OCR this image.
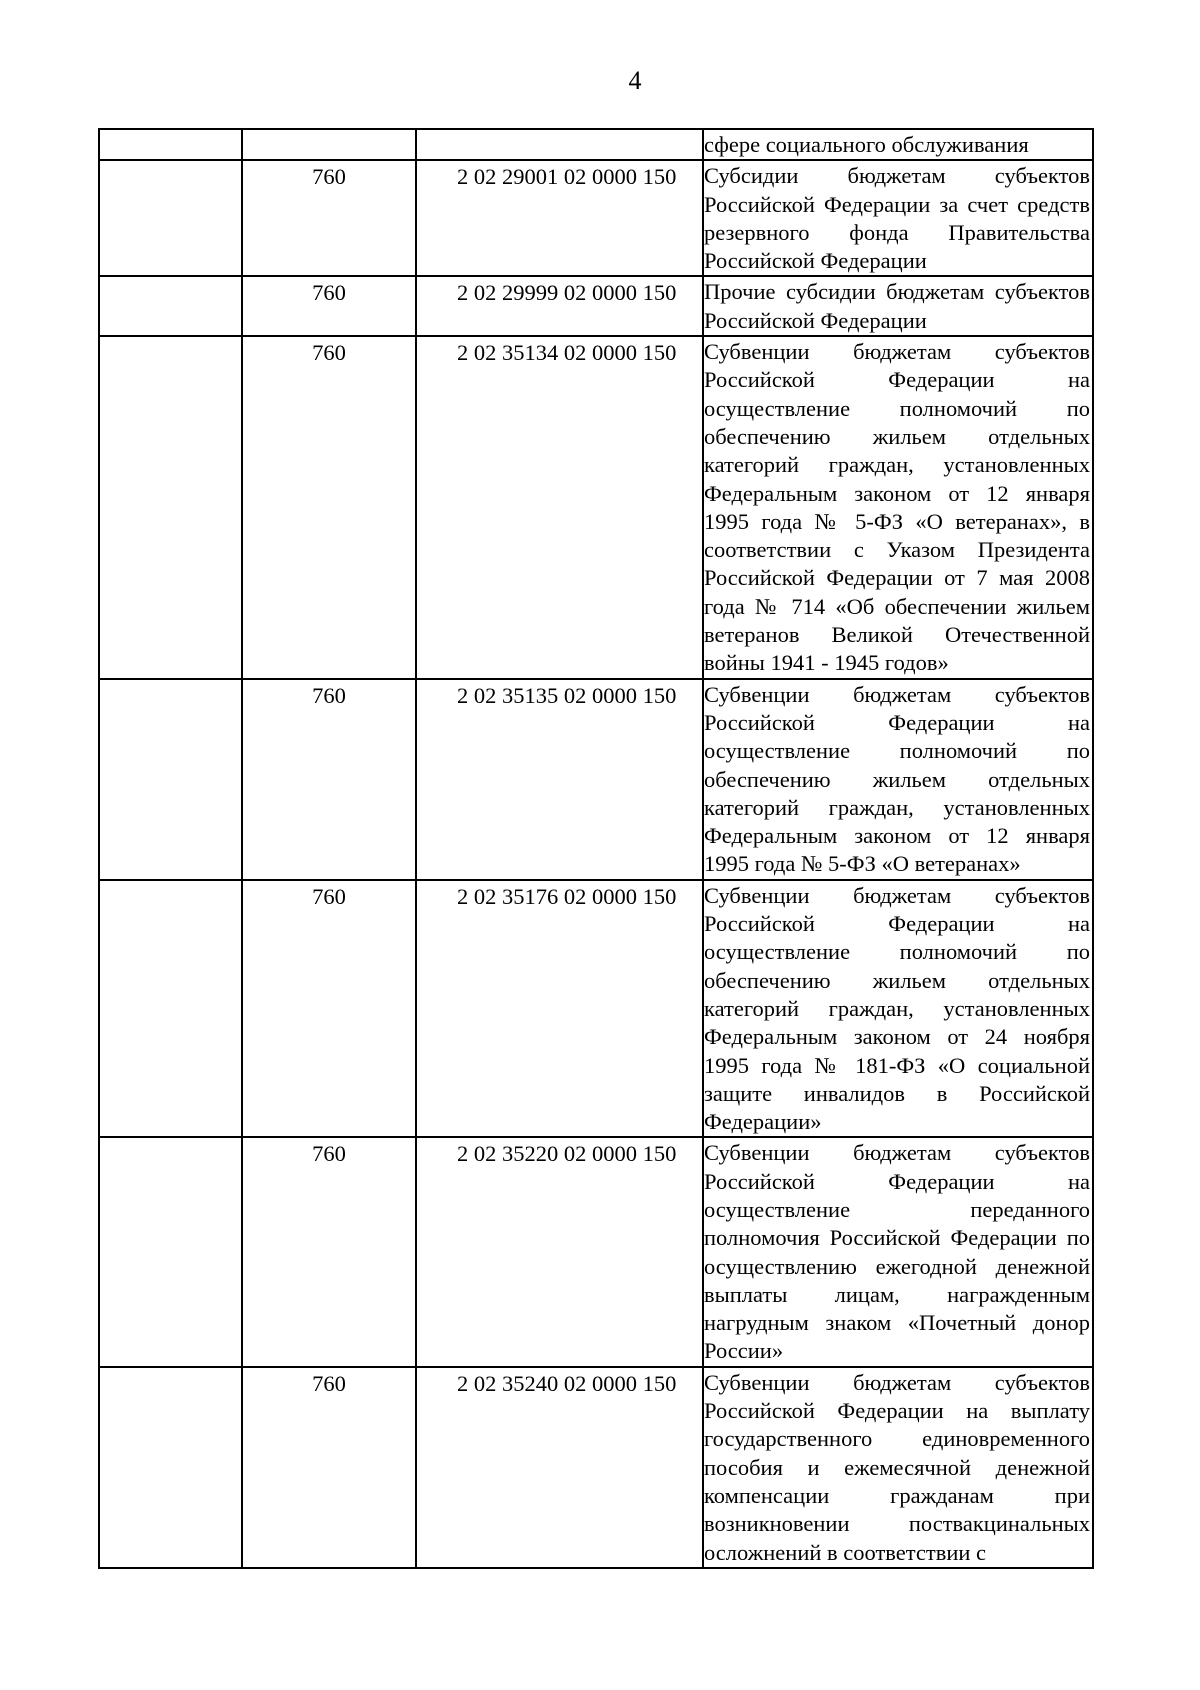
4
			сфере социального обслуживания
	760	2 02 29001 02 0000 150	Субсидии бюджетам субъектов Российской Федерации за счет средств резервного фонда Правительства Российской Федерации
	760	2 02 29999 02 0000 150	Прочие субсидии бюджетам субъектов Российской Федерации
	760	2 02 35134 02 0000 150	Субвенции бюджетам субъектов Российской Федерации на осуществление полномочий по обеспечению жильем отдельных категорий граждан, установленных Федеральным законом от 12 января 1995 года № 5-ФЗ «О ветеранах», в соответствии с Указом Президента Российской Федерации от 7 мая 2008 года № 714 «Об обеспечении жильем ветеранов Великой Отечественной войны 1941 - 1945 годов»
	760	2 02 35135 02 0000 150	Субвенции бюджетам субъектов Российской Федерации на осуществление полномочий по обеспечению жильем отдельных категорий граждан, установленных Федеральным законом от 12 января 1995 года № 5-ФЗ «О ветеранах»
	760	2 02 35176 02 0000 150	Субвенции бюджетам субъектов Российской Федерации на осуществление полномочий по обеспечению жильем отдельных категорий граждан, установленных Федеральным законом от 24 ноября 1995 года № 181-ФЗ «О социальной защите инвалидов в Российской Федерации»
	760	2 02 35220 02 0000 150	Субвенции бюджетам субъектов Российской Федерации на осуществление переданного полномочия Российской Федерации по осуществлению ежегодной денежной выплаты лицам, награжденным нагрудным знаком «Почетный донор России»
	760	2 02 35240 02 0000 150	Субвенции бюджетам субъектов Российской Федерации на выплату государственного единовременного пособия и ежемесячной денежной компенсации гражданам при возникновении поствакцинальных осложнений в соответствии с
